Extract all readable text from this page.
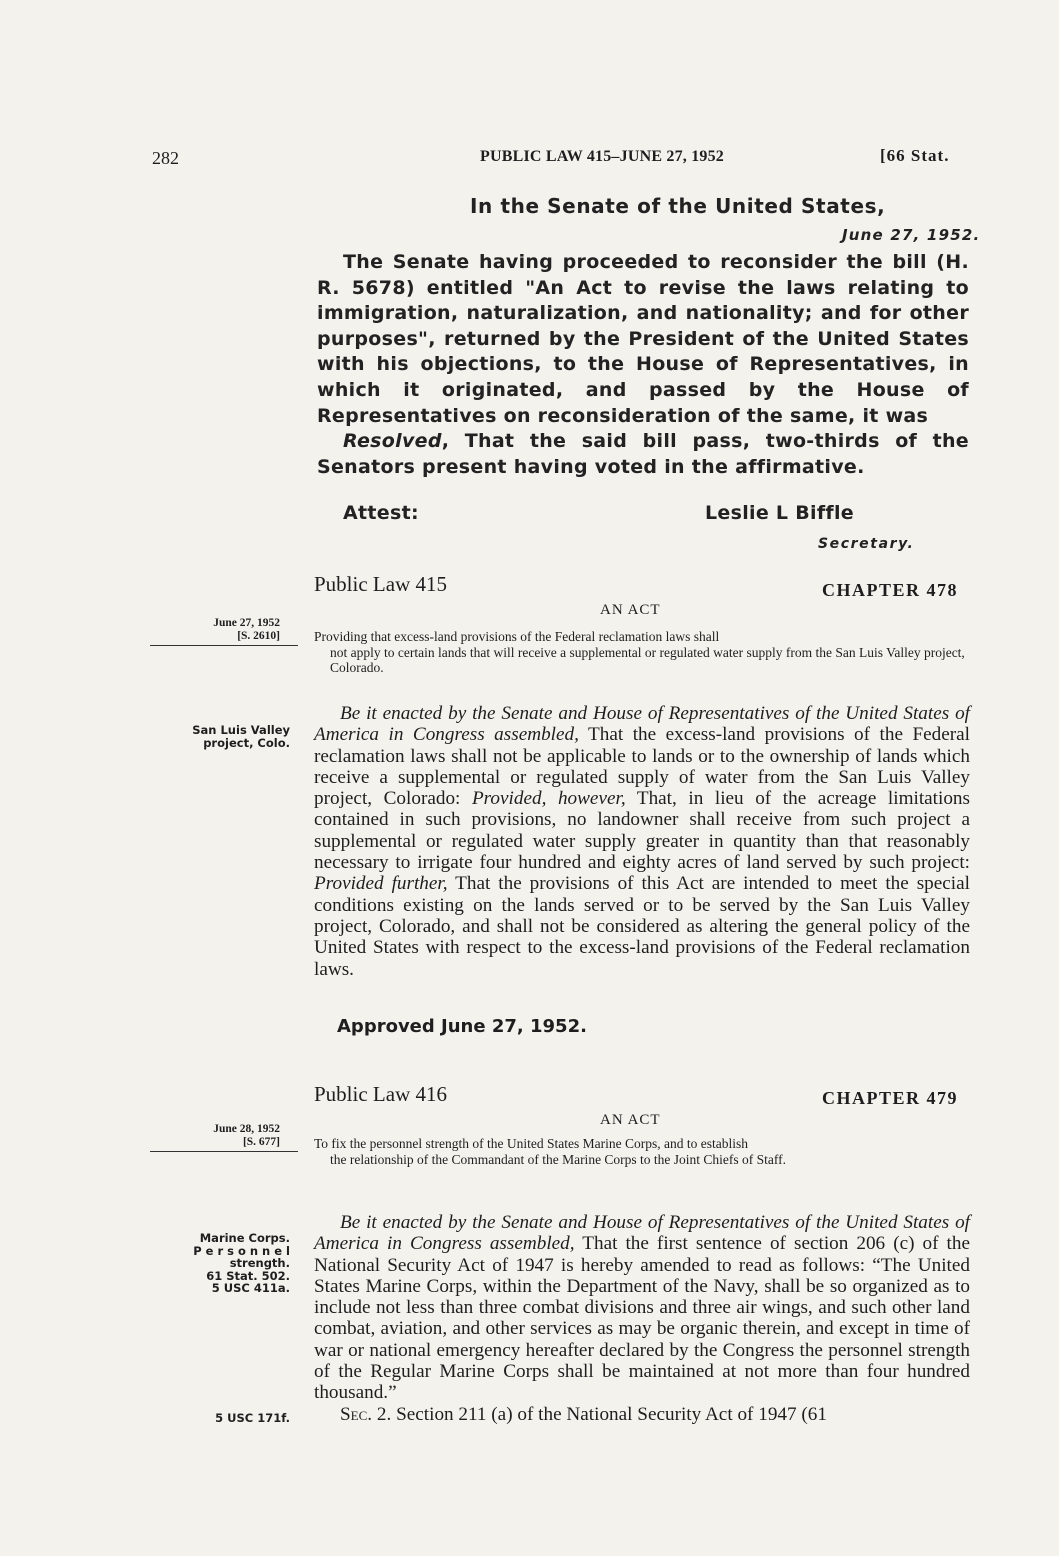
282	PUBLIC LAW 415–JUNE 27, 1952	[66 Stat.
In the Senate of the United States,
June 27, 1952.

The Senate having proceeded to reconsider the bill (H. R. 5678) entitled "An Act to revise the laws relating to immigration, naturalization, and nationality; and for other purposes", returned by the President of the United States with his objections, to the House of Representatives, in which it originated, and passed by the House of Representatives on reconsideration of the same, it was

Resolved, That the said bill pass, two-thirds of the Senators present having voted in the affirmative.

Attest:	Leslie L Biffle
Secretary.
Public Law 415	CHAPTER 478
AN ACT
June 27, 1952
[S. 2610]	Providing that excess-land provisions of the Federal reclamation laws shall
not apply to certain lands that will receive a supplemental or regulated water supply from the San Luis Valley project, Colorado.
San Luis Valley
project, Colo.

Be it enacted by the Senate and House of Representatives of the United States of America in Congress assembled, That the excess-land provisions of the Federal reclamation laws shall not be applicable to lands or to the ownership of lands which receive a supplemental or regulated supply of water from the San Luis Valley project, Colorado: Provided, however, That, in lieu of the acreage limitations contained in such provisions, no landowner shall receive from such project a supplemental or regulated water supply greater in quantity than that reasonably necessary to irrigate four hundred and eighty acres of land served by such project: Provided further, That the provisions of this Act are intended to meet the special conditions existing on the lands served or to be served by the San Luis Valley project, Colorado, and shall not be considered as altering the general policy of the United States with respect to the excess-land provisions of the Federal reclamation laws.

Approved June 27, 1952.
Public Law 416	CHAPTER 479
AN ACT
June 28, 1952
[S. 677]	To fix the personnel strength of the United States Marine Corps, and to establish
the relationship of the Commandant of the Marine Corps to the Joint Chiefs of Staff.
Marine Corps.
P e r s o n n e l
strength.
61 Stat. 502.
5 USC 411a.
5 USC 171f.

Be it enacted by the Senate and House of Representatives of the United States of America in Congress assembled, That the first sentence of section 206 (c) of the National Security Act of 1947 is hereby amended to read as follows: “The United States Marine Corps, within the Department of the Navy, shall be so organized as to include not less than three combat divisions and three air wings, and such other land combat, aviation, and other services as may be organic therein, and except in time of war or national emergency hereafter declared by the Congress the personnel strength of the Regular Marine Corps shall be maintained at not more than four hundred thousand.”

Sec. 2. Section 211 (a) of the National Security Act of 1947 (61
